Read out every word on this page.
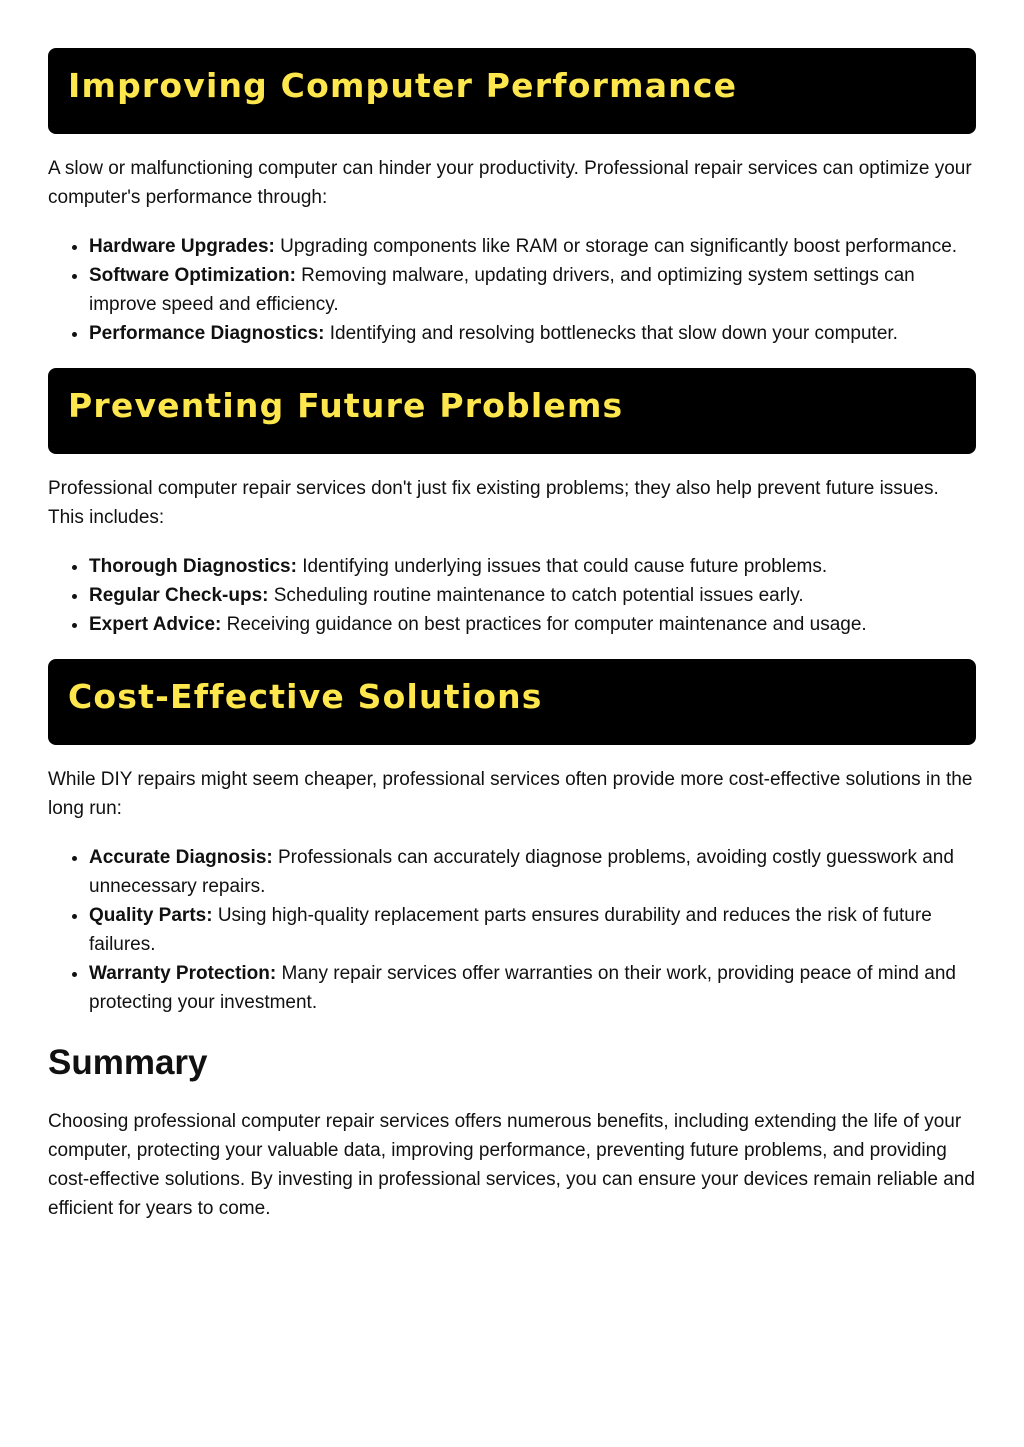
Improving Computer Performance

A slow or malfunctioning computer can hinder your productivity. Professional repair services can optimize your computer's performance through:

• Hardware Upgrades: Upgrading components like RAM or storage can significantly boost performance.
• Software Optimization: Removing malware, updating drivers, and optimizing system settings can improve speed and efficiency.
• Performance Diagnostics: Identifying and resolving bottlenecks that slow down your computer.
Preventing Future Problems

Professional computer repair services don't just fix existing problems; they also help prevent future issues. This includes:

• Thorough Diagnostics: Identifying underlying issues that could cause future problems.
• Regular Check-ups: Scheduling routine maintenance to catch potential issues early.
• Expert Advice: Receiving guidance on best practices for computer maintenance and usage.
Cost-Effective Solutions

While DIY repairs might seem cheaper, professional services often provide more cost-effective solutions in the long run:

• Accurate Diagnosis: Professionals can accurately diagnose problems, avoiding costly guesswork and unnecessary repairs.
• Quality Parts: Using high-quality replacement parts ensures durability and reduces the risk of future failures.
• Warranty Protection: Many repair services offer warranties on their work, providing peace of mind and protecting your investment.
Summary

Choosing professional computer repair services offers numerous benefits, including extending the life of your computer, protecting your valuable data, improving performance, preventing future problems, and providing cost-effective solutions. By investing in professional services, you can ensure your devices remain reliable and efficient for years to come.
